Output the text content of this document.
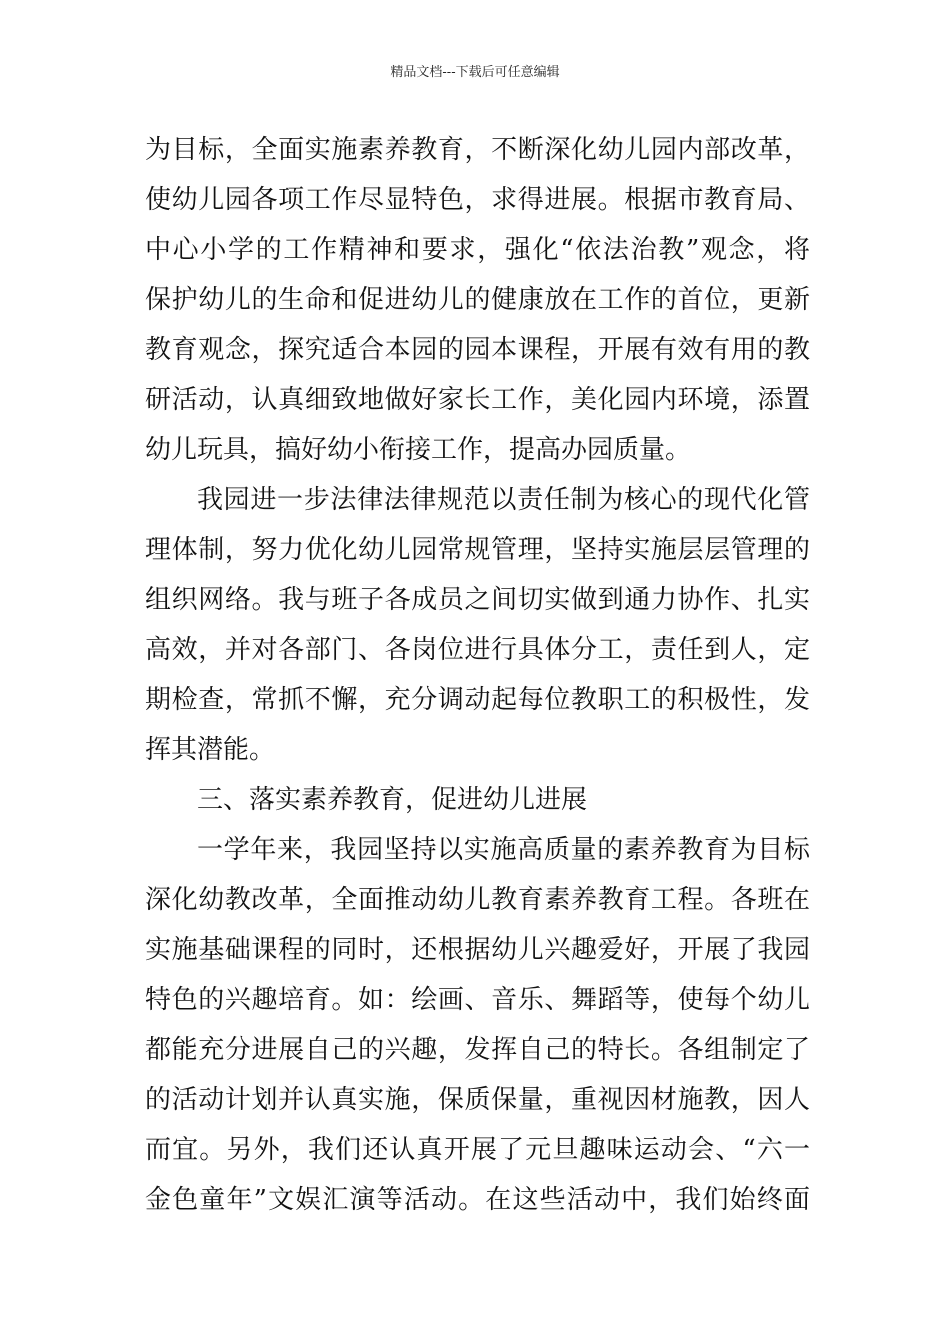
精品文档---下载后可任意编辑
为目标，全面实施素养教育，不断深化幼儿园内部改革，
使幼儿园各项工作尽显特色，求得进展。根据市教育局、
中心小学的工作精神和要求，强化“依法治教”观念，将
保护幼儿的生命和促进幼儿的健康放在工作的首位，更新
教育观念，探究适合本园的园本课程，开展有效有用的教
研活动，认真细致地做好家长工作，美化园内环境，添置
幼儿玩具，搞好幼小衔接工作，提高办园质量。
我园进一步法律法律规范以责任制为核心的现代化管
理体制，努力优化幼儿园常规管理，坚持实施层层管理的
组织网络。我与班子各成员之间切实做到通力协作、扎实
高效，并对各部门、各岗位进行具体分工，责任到人，定
期检查，常抓不懈，充分调动起每位教职工的积极性，发
挥其潜能。
三、落实素养教育，促进幼儿进展
一学年来，我园坚持以实施高质量的素养教育为目标
深化幼教改革，全面推动幼儿教育素养教育工程。各班在
实施基础课程的同时，还根据幼儿兴趣爱好，开展了我园
特色的兴趣培育。如：绘画、音乐、舞蹈等，使每个幼儿
都能充分进展自己的兴趣，发挥自己的特长。各组制定了
的活动计划并认真实施，保质保量，重视因材施教，因人
而宜。另外，我们还认真开展了元旦趣味运动会、“六一
金色童年”文娱汇演等活动。在这些活动中，我们始终面
